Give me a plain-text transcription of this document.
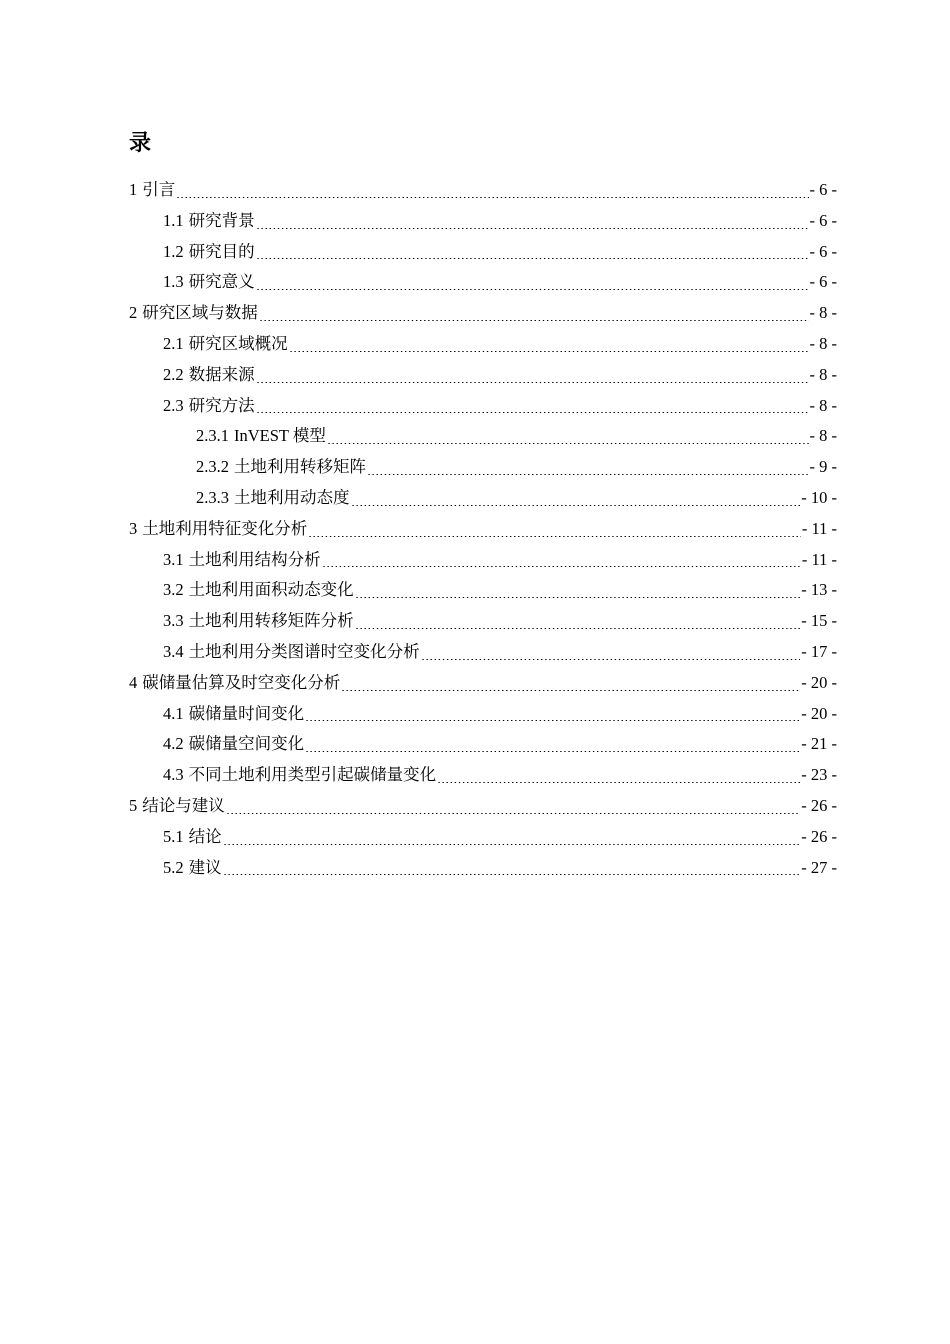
录
1 引言	- 6 -
1.1 研究背景	- 6 -
1.2 研究目的	- 6 -
1.3 研究意义	- 6 -
2 研究区域与数据	- 8 -
2.1 研究区域概况	- 8 -
2.2 数据来源	- 8 -
2.3 研究方法	- 8 -
2.3.1 InVEST 模型	- 8 -
2.3.2 土地利用转移矩阵	- 9 -
2.3.3 土地利用动态度	- 10 -
3 土地利用特征变化分析	- 11 -
3.1 土地利用结构分析	- 11 -
3.2 土地利用面积动态变化	- 13 -
3.3 土地利用转移矩阵分析	- 15 -
3.4 土地利用分类图谱时空变化分析	- 17 -
4 碳储量估算及时空变化分析	- 20 -
4.1 碳储量时间变化	- 20 -
4.2 碳储量空间变化	- 21 -
4.3 不同土地利用类型引起碳储量变化	- 23 -
5 结论与建议	- 26 -
5.1 结论	- 26 -
5.2 建议	- 27 -
